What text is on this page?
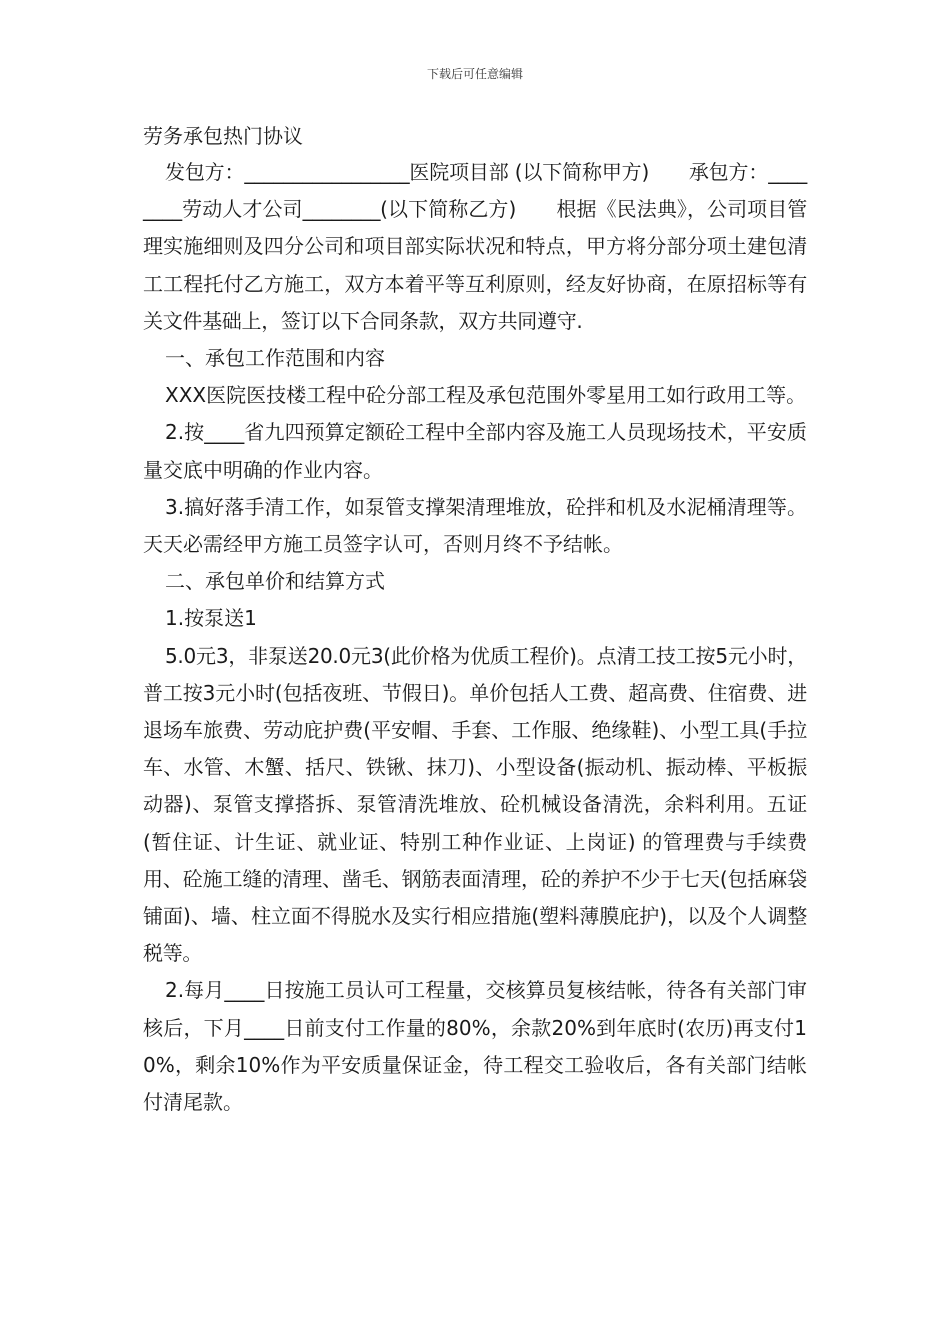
下载后可任意编辑
劳务承包热门协议

发包方：_________________医院项目部 (以下简称甲方)　　承包方：________劳动人才公司________(以下简称乙方)　　根据《民法典》，公司项目管理实施细则及四分公司和项目部实际状况和特点，甲方将分部分项土建包清工工程托付乙方施工，双方本着平等互利原则，经友好协商，在原招标等有关文件基础上，签订以下合同条款，双方共同遵守.

一、承包工作范围和内容

XXX医院医技楼工程中砼分部工程及承包范围外零星用工如行政用工等。

2.按____省九四预算定额砼工程中全部内容及施工人员现场技术，平安质量交底中明确的作业内容。

3.搞好落手清工作，如泵管支撑架清理堆放，砼拌和机及水泥桶清理等。天天必需经甲方施工员签字认可，否则月终不予结帐。

二、承包单价和结算方式

1.按泵送1

5.0元3，非泵送20.0元3(此价格为优质工程价)。点清工技工按5元小时，普工按3元小时(包括夜班、节假日)。单价包括人工费、超高费、住宿费、进退场车旅费、劳动庇护费(平安帽、手套、工作服、绝缘鞋)、小型工具(手拉车、水管、木蟹、括尺、铁锹、抹刀)、小型设备(振动机、振动棒、平板振动器)、泵管支撑搭拆、泵管清洗堆放、砼机械设备清洗，余料利用。五证(暂住证、计生证、就业证、特别工种作业证、上岗证) 的管理费与手续费用、砼施工缝的清理、凿毛、钢筋表面清理，砼的养护不少于七天(包括麻袋铺面)、墙、柱立面不得脱水及实行相应措施(塑料薄膜庇护)，以及个人调整税等。

2.每月____日按施工员认可工程量，交核算员复核结帐，待各有关部门审核后，下月____日前支付工作量的80%，余款20%到年底时(农历)再支付10%，剩余10%作为平安质量保证金，待工程交工验收后，各有关部门结帐付清尾款。
